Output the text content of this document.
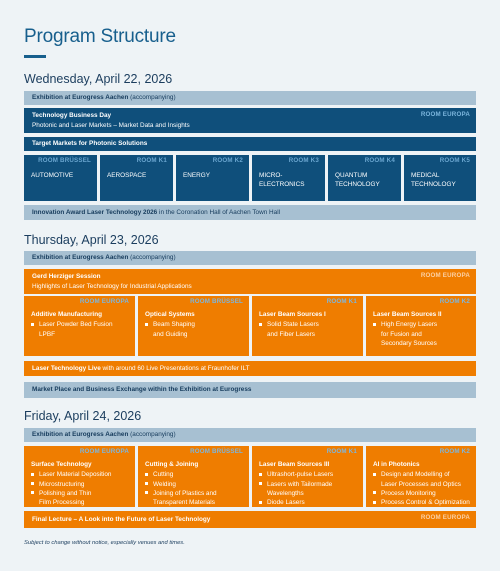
Program Structure
Wednesday, April 22, 2026
Exhibition at Eurogress Aachen (accompanying)
Technology Business Day
Photonic and Laser Markets – Market Data and Insights
ROOM EUROPA
Target Markets for Photonic Solutions
ROOM BRÜSSEL
AUTOMOTIVE
ROOM K1
AEROSPACE
ROOM K2
ENERGY
ROOM K3
MICRO-
ELECTRONICS
ROOM K4
QUANTUM
TECHNOLOGY
ROOM K5
MEDICAL
TECHNOLOGY
Innovation Award Laser Technology 2026 in the Coronation Hall of Aachen Town Hall
Thursday, April 23, 2026
Exhibition at Eurogress Aachen (accompanying)
Gerd Herziger Session
Highlights of Laser Technology for Industrial Applications
ROOM EUROPA
ROOM EUROPA
Additive Manufacturing
Laser Powder Bed Fusion
LPBF
ROOM BRÜSSEL
Optical Systems
Beam Shaping
and Guiding
ROOM K1
Laser Beam Sources I
Solid State Lasers
and Fiber Lasers
ROOM K2
Laser Beam Sources II
High Energy Lasers
for Fusion and
Secondary Sources
Laser Technology Live with around 60 Live Presentations at Fraunhofer ILT
Market Place and Business Exchange within the Exhibition at Eurogress
Friday, April 24, 2026
Exhibition at Eurogress Aachen (accompanying)
ROOM EUROPA
Surface Technology
Laser Material Deposition
Microstructuring
Polishing and Thin
Film Processing
ROOM BRÜSSEL
Cutting & Joining
Cutting
Welding
Joining of Plastics and
Transparent Materials
ROOM K1
Laser Beam Sources III
Ultrashort-pulse Lasers
Lasers with Tailormade
Wavelengths
Diode Lasers
ROOM K2
AI in Photonics
Design and Modelling of
Laser Processes and Optics
Process Monitoring
Process Control & Optimization
Final Lecture – A Look into the Future of Laser Technology	ROOM EUROPA
Subject to change without notice, especially venues and times.
